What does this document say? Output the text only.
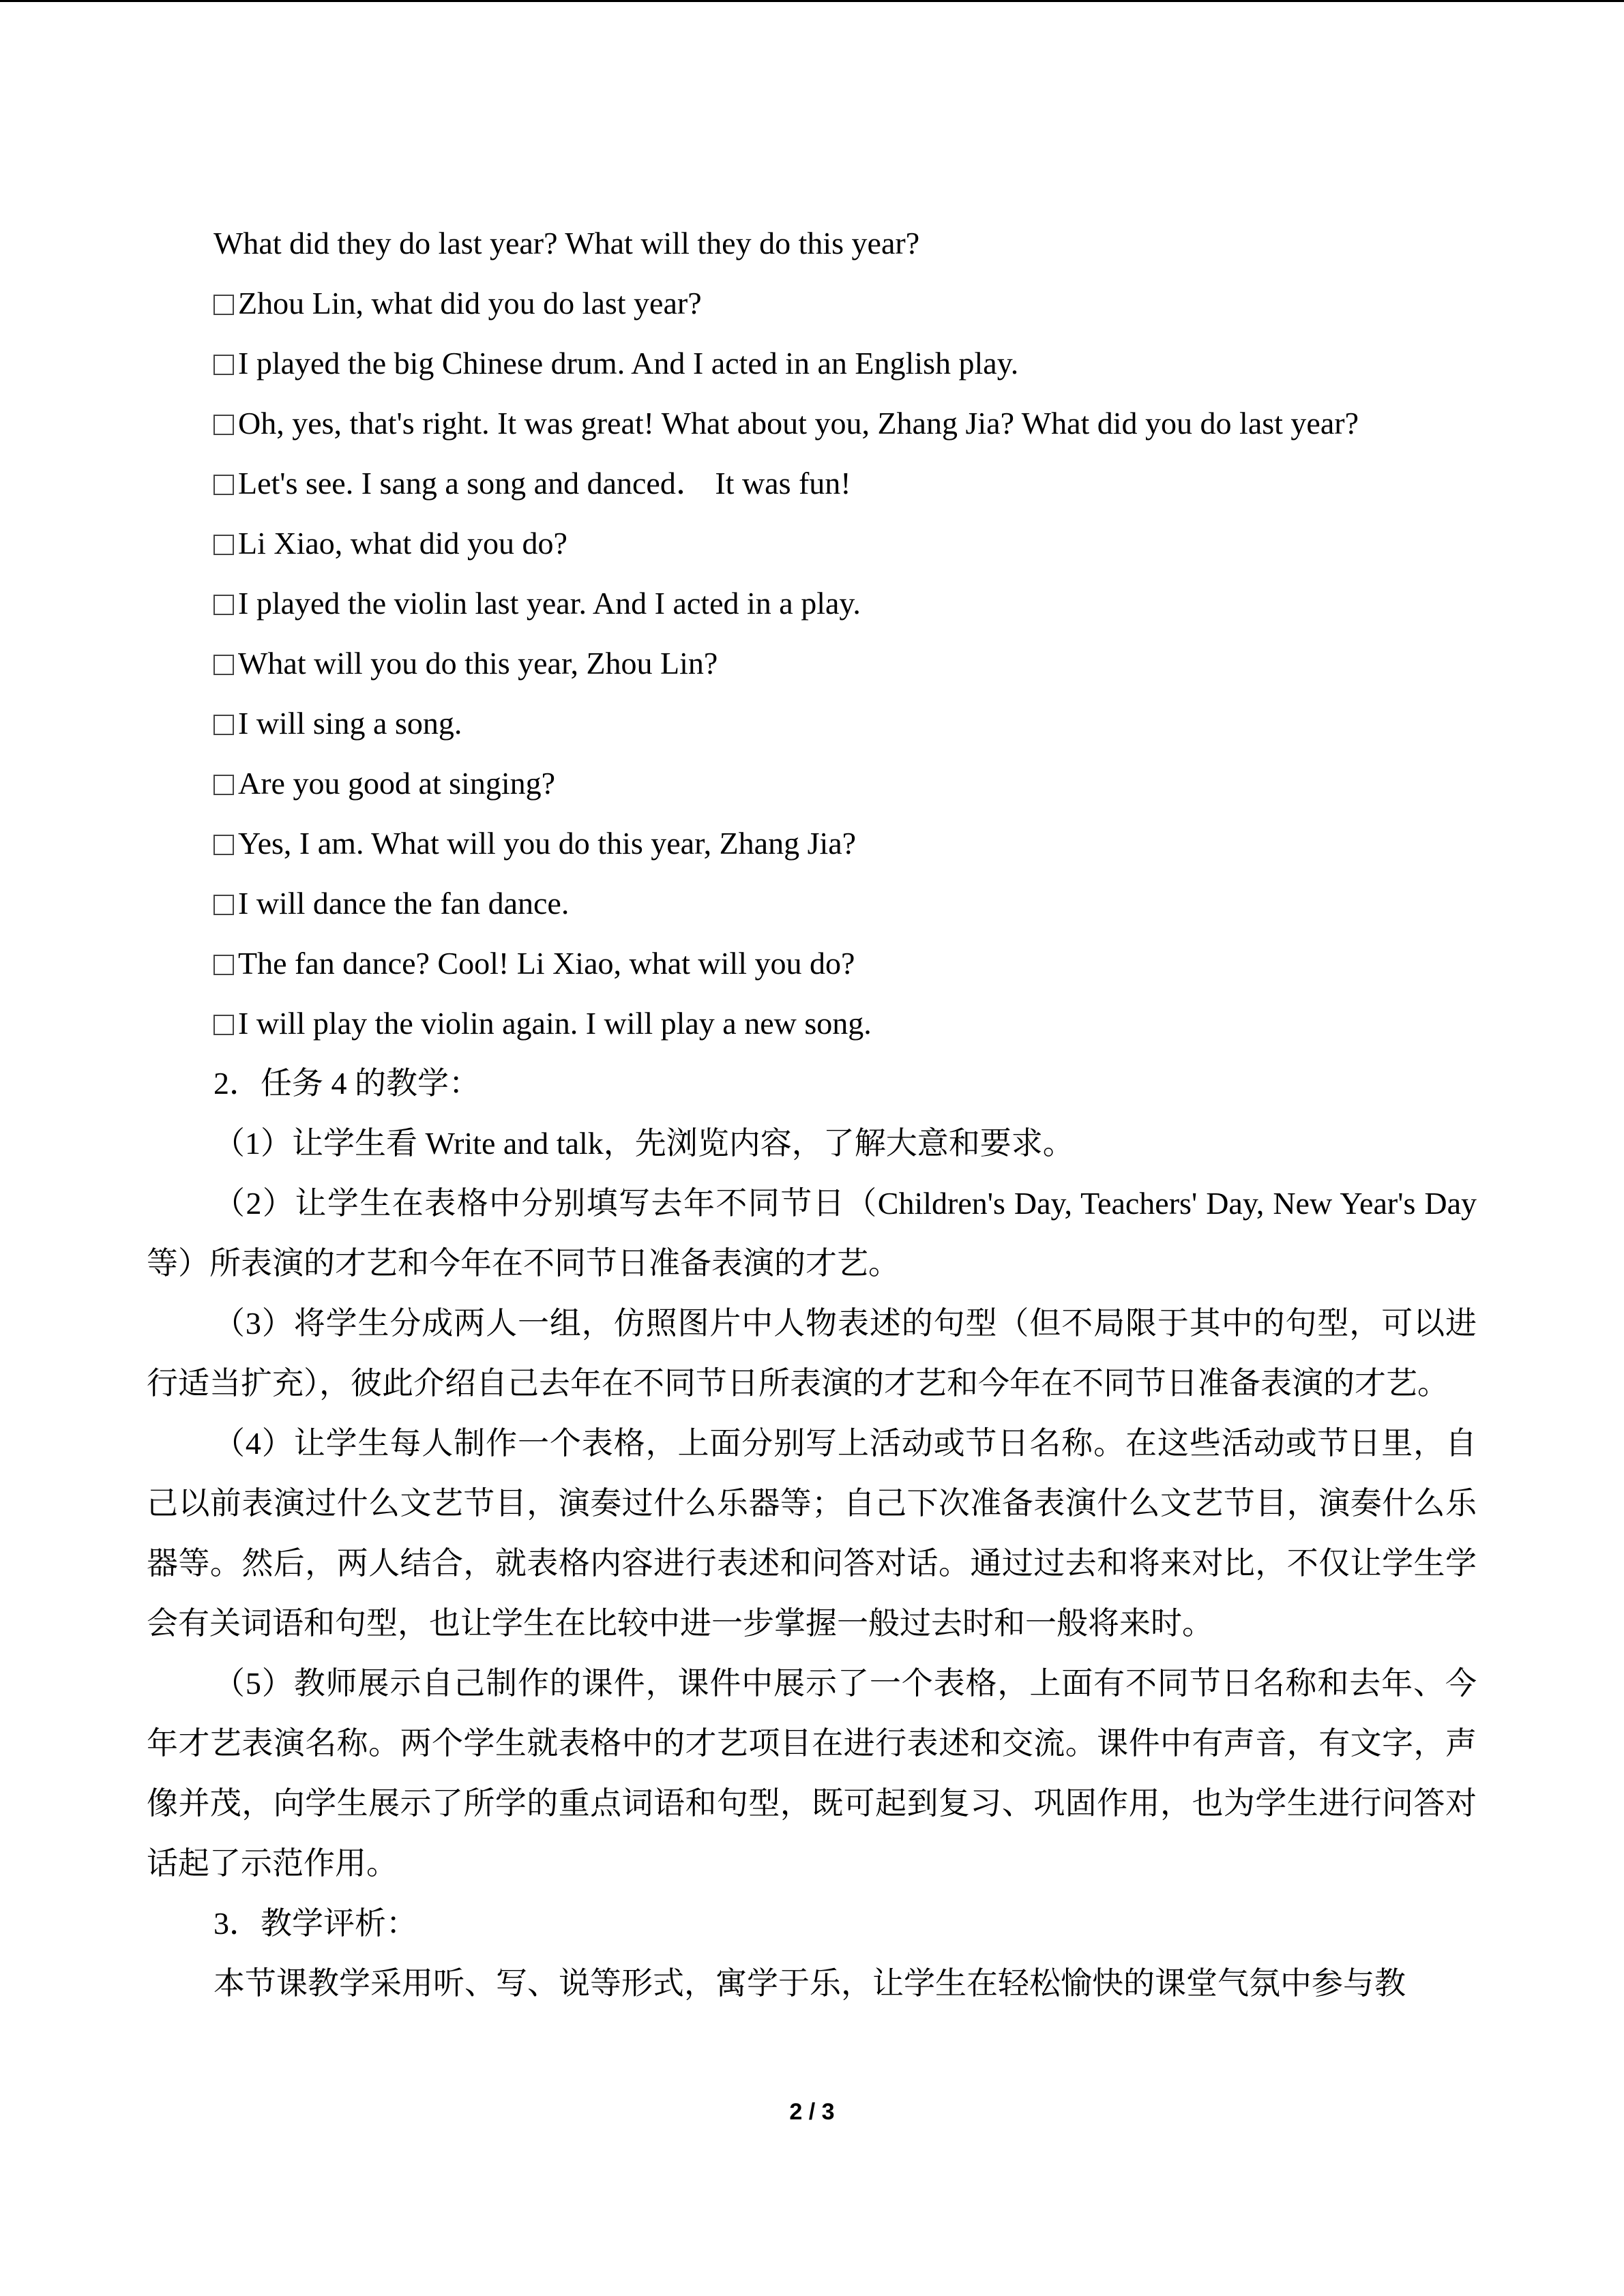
What did they do last year? What will they do this year?
Zhou Lin, what did you do last year?
I played the big Chinese drum. And I acted in an English play.
Oh, yes, that's right. It was great! What about you, Zhang Jia? What did you do last year?
Let's see. I sang a song and danced． It was fun!
Li Xiao, what did you do?
I played the violin last year. And I acted in a play.
What will you do this year, Zhou Lin?
I will sing a song.
Are you good at singing?
Yes, I am. What will you do this year, Zhang Jia?
I will dance the fan dance.
The fan dance? Cool! Li Xiao, what will you do?
I will play the violin again. I will play a new song.
2．任务 4 的教学：

（1）让学生看 Write and talk，先浏览内容，了解大意和要求。

（2）让学生在表格中分别填写去年不同节日（Children's Day, Teachers' Day, New Year's Day 等）所表演的才艺和今年在不同节日准备表演的才艺。

（3）将学生分成两人一组，仿照图片中人物表述的句型（但不局限于其中的句型，可以进行适当扩充），彼此介绍自己去年在不同节日所表演的才艺和今年在不同节日准备表演的才艺。

（4）让学生每人制作一个表格，上面分别写上活动或节日名称。在这些活动或节日里，自己以前表演过什么文艺节目，演奏过什么乐器等；自己下次准备表演什么文艺节目，演奏什么乐器等。然后，两人结合，就表格内容进行表述和问答对话。通过过去和将来对比，不仅让学生学会有关词语和句型，也让学生在比较中进一步掌握一般过去时和一般将来时。

（5）教师展示自己制作的课件，课件中展示了一个表格，上面有不同节日名称和去年、今年才艺表演名称。两个学生就表格中的才艺项目在进行表述和交流。课件中有声音，有文字，声像并茂，向学生展示了所学的重点词语和句型，既可起到复习、巩固作用，也为学生进行问答对话起了示范作用。

3．教学评析：

本节课教学采用听、写、说等形式，寓学于乐，让学生在轻松愉快的课堂气氛中参与教

2 / 3
